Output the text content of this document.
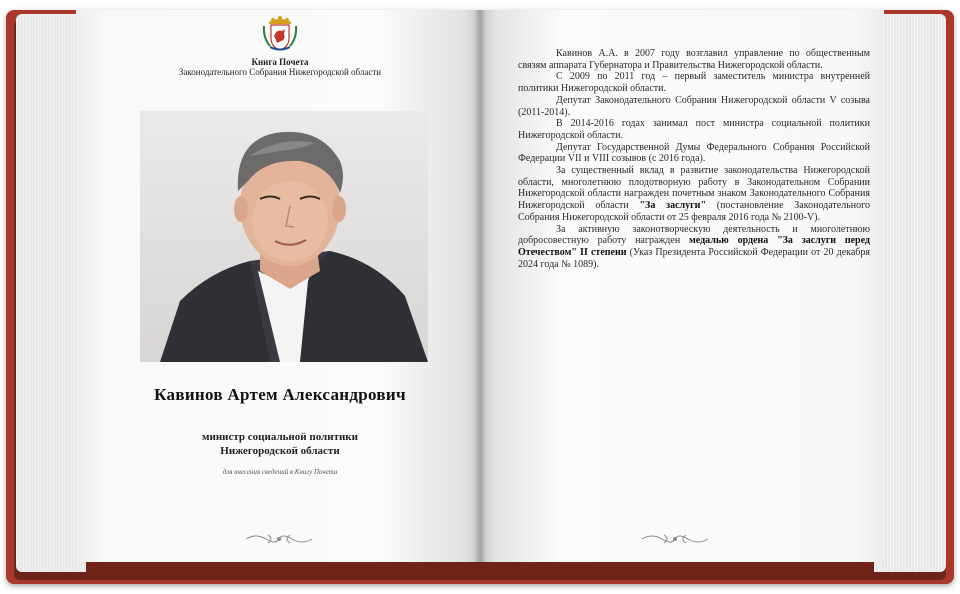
Книга Почета
Законодательного Собрания Нижегородской области
Кавинов Артем Александрович
министр социальной политики
Нижегородской области
для внесения сведений в Книгу Почета

Кавинов А.А. в 2007 году возглавил управление по общественным связям аппарата Губернатора и Правительства Нижегородской области.

С 2009 по 2011 год – первый заместитель министра внутренней политики Нижегородской области.

Депутат Законодательного Собрания Нижегородской области V созыва (2011-2014).

В 2014-2016 годах занимал пост министра социальной политики Нижегородской области.

Депутат Государственной Думы Федерального Собрания Российской Федерации VII и VIII созывов (с 2016 года).

За существенный вклад в развитие законодательства Нижегородской области, многолетнюю плодотворную работу в Законодательном Собрании Нижегородской области награжден почетным знаком Законодательного Собрания Нижегородской области "За заслуги" (постановление Законодательного Собрания Нижегородской области от 25 февраля 2016 года № 2100-V).

За активную законотворческую деятельность и многолетнюю добросовестную работу награжден медалью ордена "За заслуги перед Отечеством" II степени (Указ Президента Российской Федерации от 20 декабря 2024 года № 1089).
